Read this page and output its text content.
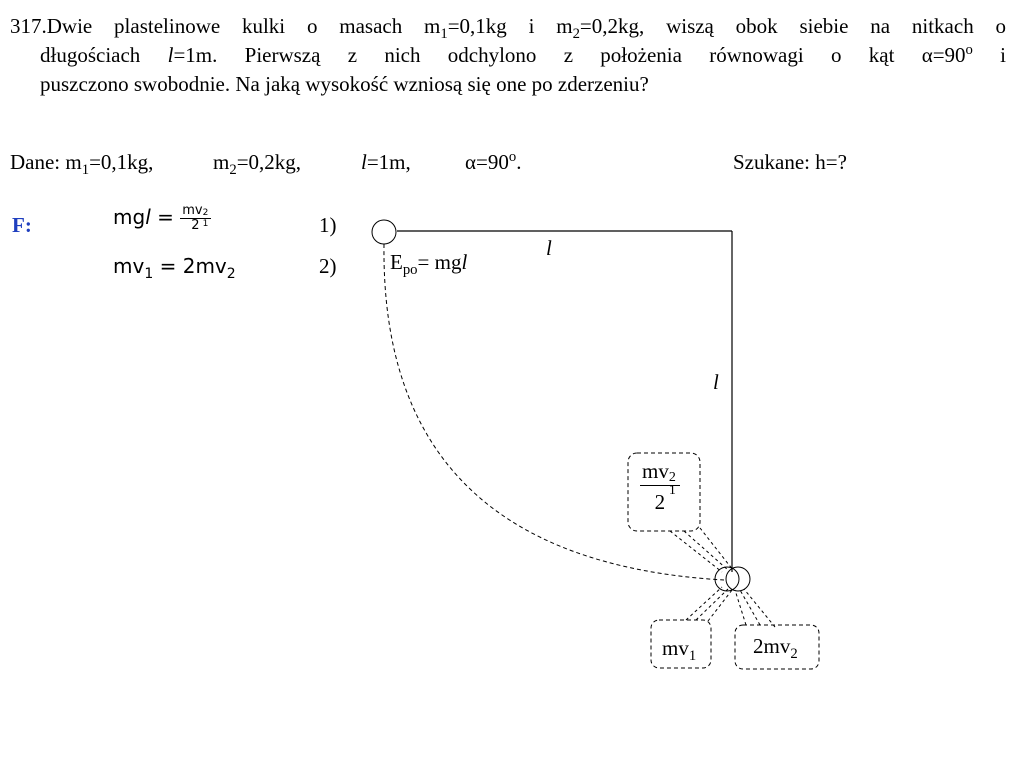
317.Dwie plastelinowe kulki o masach $m_1=0,1kg$ i $m_2=0,2kg$, wiszą obok siebie na nitkach o
długościach l=1m. Pierwszą z nich odchylono z położenia równowagi o kąt $\alpha=90^o$ i
puszczono swobodnie. Na jaką wysokość wzniosą się one po zderzeniu?
Dane: $m_1=0,1kg$,	$m_2=0,2kg$,	l=1m,	$\alpha=90^o$.	Szukane: h=?
F:	mgl = mv 2
1
2	1)
$mv_1 = 2mv_2$	2)	$E_{po}=$ mgl
l
l
mv 2
1
2
$mv_1$	$2mv_2$
